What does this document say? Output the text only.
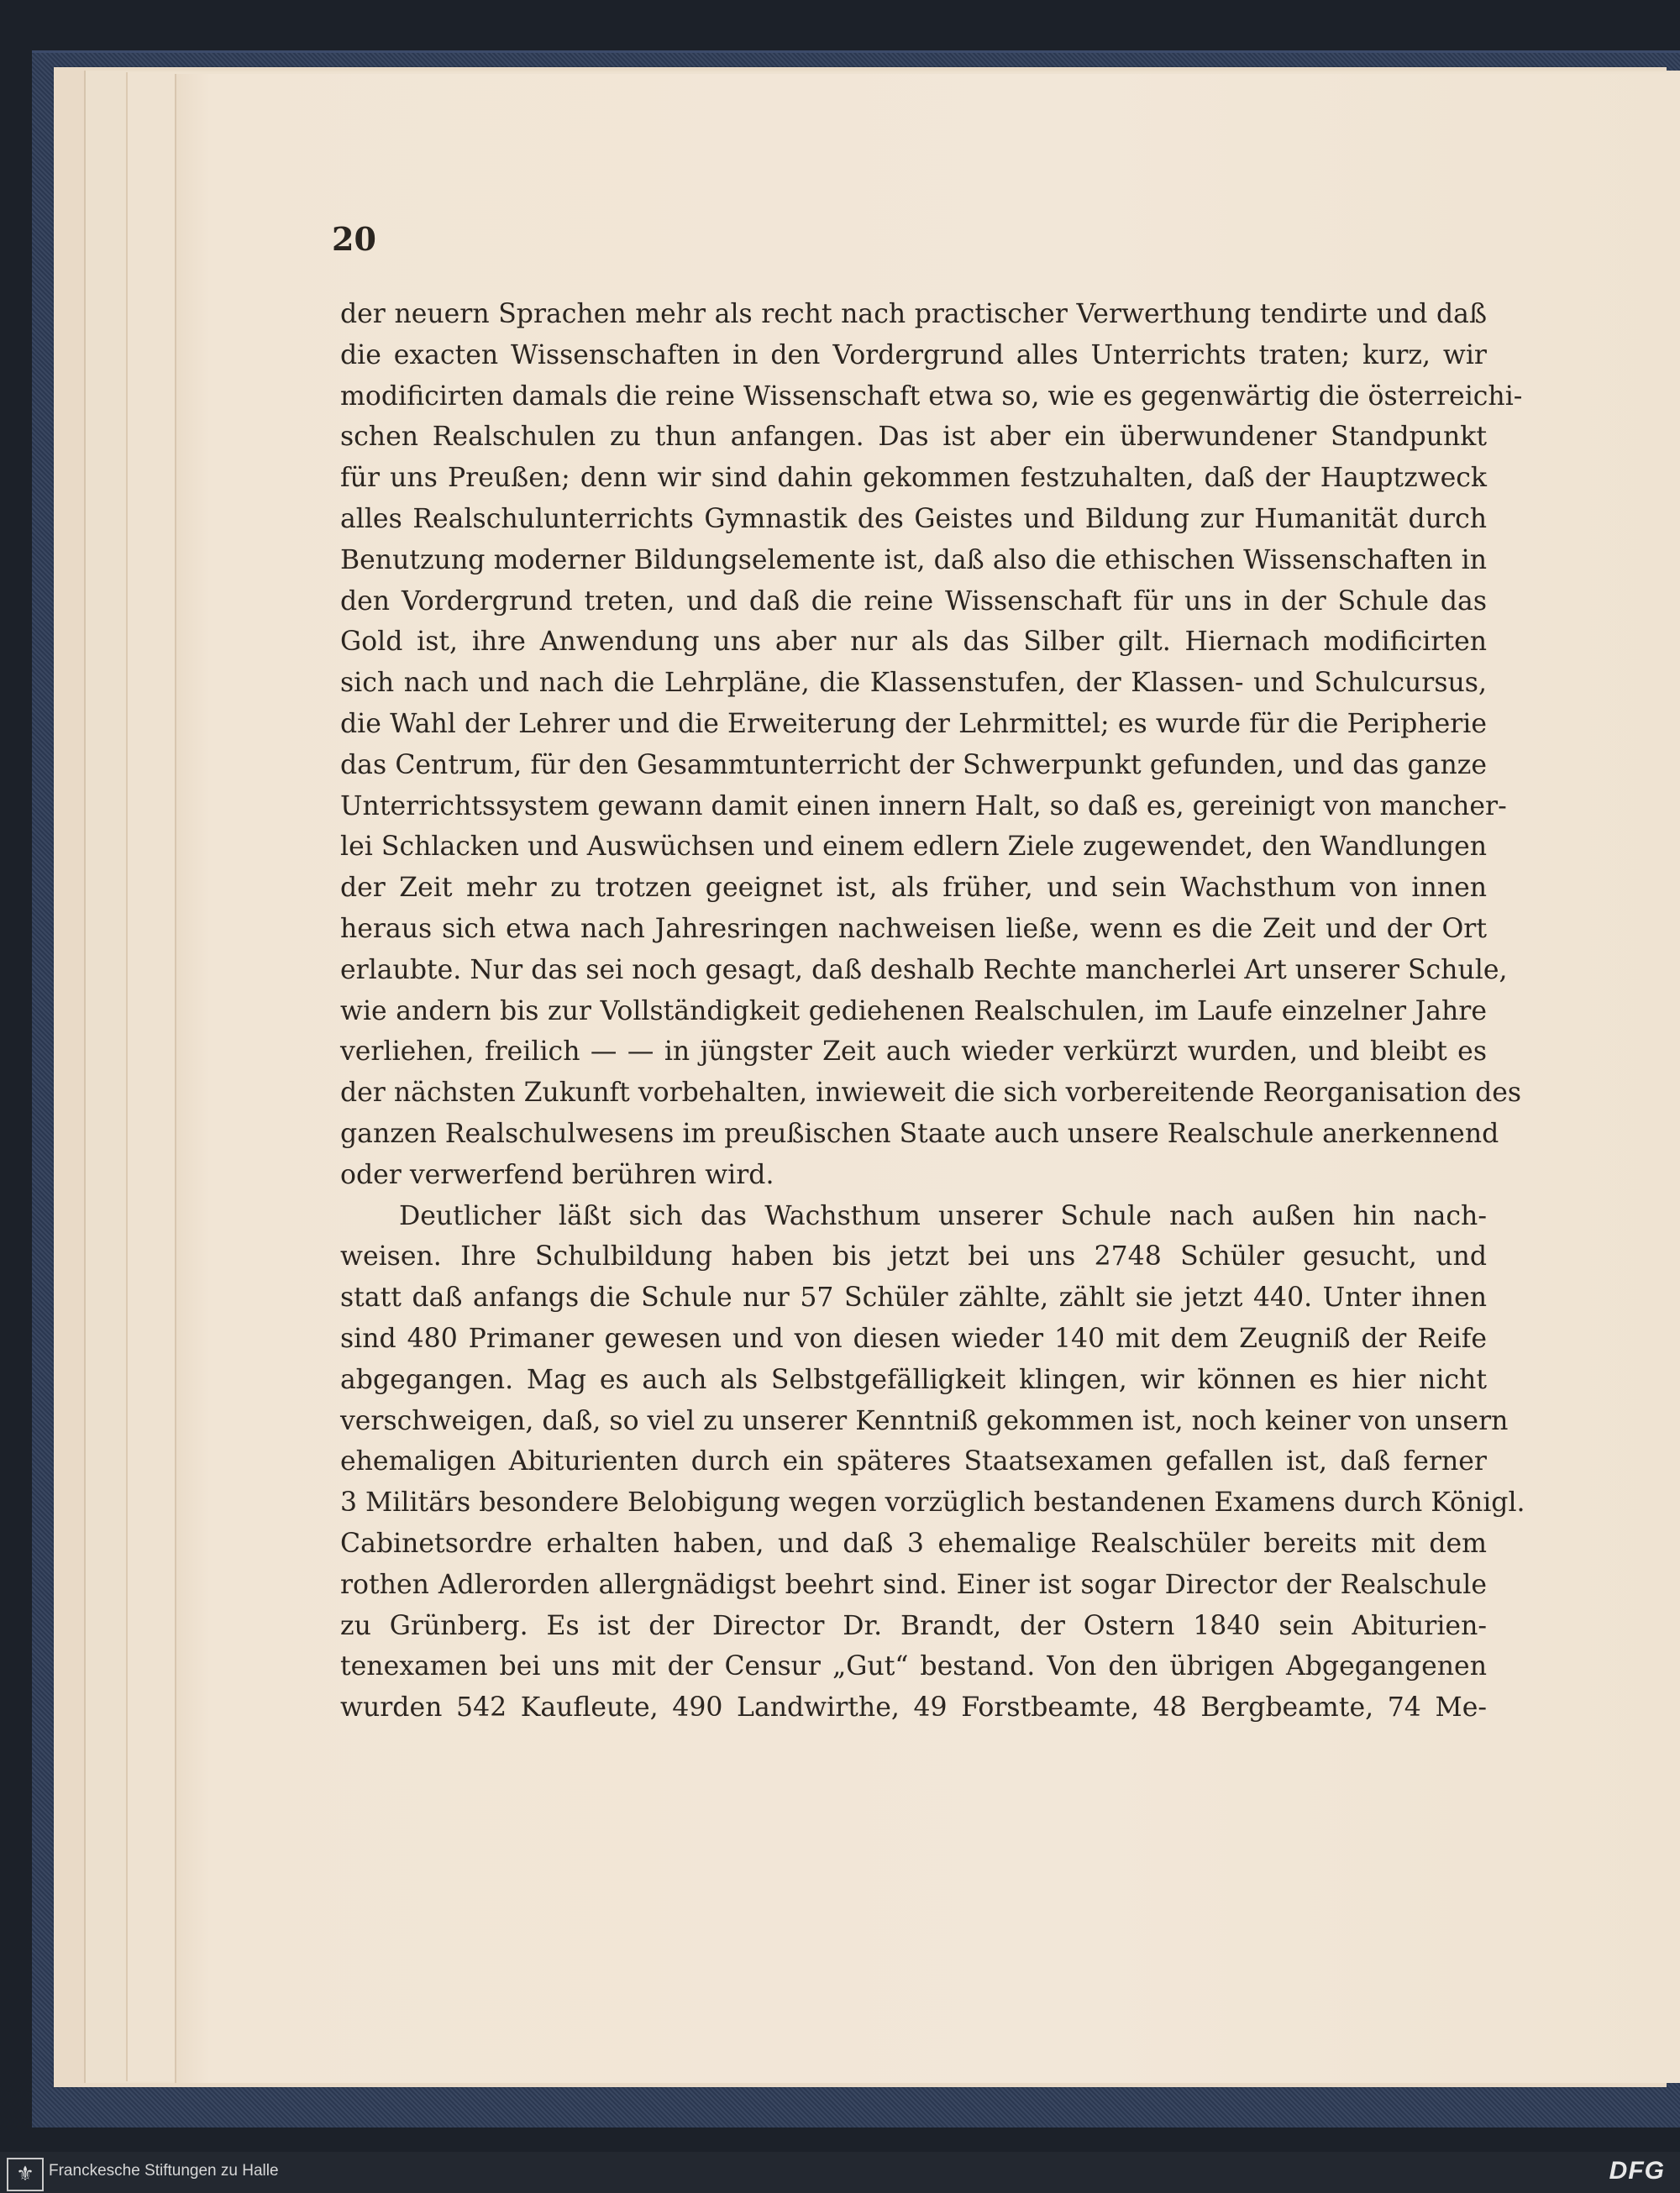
20
der neuern Sprachen mehr als recht nach practischer Verwerthung tendirte und daß
die exacten Wissenschaften in den Vordergrund alles Unterrichts traten; kurz, wir
modificirten damals die reine Wissenschaft etwa so, wie es gegenwärtig die österreichi-
schen Realschulen zu thun anfangen. Das ist aber ein überwundener Standpunkt
für uns Preußen; denn wir sind dahin gekommen festzuhalten, daß der Hauptzweck
alles Realschulunterrichts Gymnastik des Geistes und Bildung zur Humanität durch
Benutzung moderner Bildungselemente ist, daß also die ethischen Wissenschaften in
den Vordergrund treten, und daß die reine Wissenschaft für uns in der Schule das
Gold ist, ihre Anwendung uns aber nur als das Silber gilt. Hiernach modificirten
sich nach und nach die Lehrpläne, die Klassenstufen, der Klassen- und Schulcursus,
die Wahl der Lehrer und die Erweiterung der Lehrmittel; es wurde für die Peripherie
das Centrum, für den Gesammtunterricht der Schwerpunkt gefunden, und das ganze
Unterrichtssystem gewann damit einen innern Halt, so daß es, gereinigt von mancher-
lei Schlacken und Auswüchsen und einem edlern Ziele zugewendet, den Wandlungen
der Zeit mehr zu trotzen geeignet ist, als früher, und sein Wachsthum von innen
heraus sich etwa nach Jahresringen nachweisen ließe, wenn es die Zeit und der Ort
erlaubte. Nur das sei noch gesagt, daß deshalb Rechte mancherlei Art unserer Schule,
wie andern bis zur Vollständigkeit gediehenen Realschulen, im Laufe einzelner Jahre
verliehen, freilich — — in jüngster Zeit auch wieder verkürzt wurden, und bleibt es
der nächsten Zukunft vorbehalten, inwieweit die sich vorbereitende Reorganisation des
ganzen Realschulwesens im preußischen Staate auch unsere Realschule anerkennend
oder verwerfend berühren wird.
Deutlicher läßt sich das Wachsthum unserer Schule nach außen hin nach-
weisen. Ihre Schulbildung haben bis jetzt bei uns 2748 Schüler gesucht, und
statt daß anfangs die Schule nur 57 Schüler zählte, zählt sie jetzt 440. Unter ihnen
sind 480 Primaner gewesen und von diesen wieder 140 mit dem Zeugniß der Reife
abgegangen. Mag es auch als Selbstgefälligkeit klingen, wir können es hier nicht
verschweigen, daß, so viel zu unserer Kenntniß gekommen ist, noch keiner von unsern
ehemaligen Abiturienten durch ein späteres Staatsexamen gefallen ist, daß ferner
3 Militärs besondere Belobigung wegen vorzüglich bestandenen Examens durch Königl.
Cabinetsordre erhalten haben, und daß 3 ehemalige Realschüler bereits mit dem
rothen Adlerorden allergnädigst beehrt sind. Einer ist sogar Director der Realschule
zu Grünberg. Es ist der Director Dr. Brandt, der Ostern 1840 sein Abiturien-
tenexamen bei uns mit der Censur „Gut“ bestand. Von den übrigen Abgegangenen
wurden 542 Kaufleute, 490 Landwirthe, 49 Forstbeamte, 48 Bergbeamte, 74 Me-
⚜ Franckesche Stiftungen zu Halle	DFG
